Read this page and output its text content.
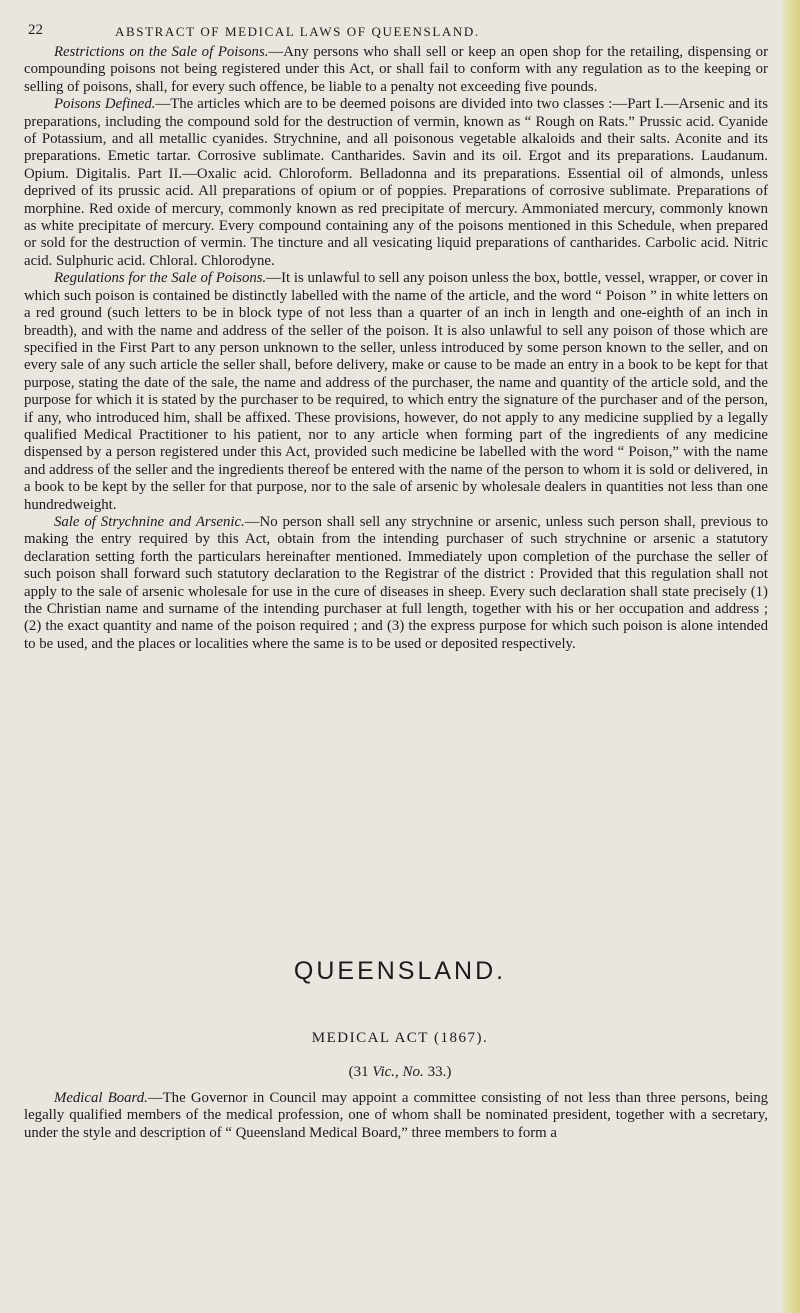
22	ABSTRACT OF MEDICAL LAWS OF QUEENSLAND.

Restrictions on the Sale of Poisons.—Any persons who shall sell or keep an open shop for the retailing, dispensing or compounding poisons not being registered under this Act, or shall fail to conform with any regulation as to the keeping or selling of poisons, shall, for every such offence, be liable to a penalty not exceeding five pounds.

Poisons Defined.—The articles which are to be deemed poisons are divided into two classes :—Part I.—Arsenic and its preparations, including the compound sold for the destruction of vermin, known as “ Rough on Rats.” Prussic acid. Cyanide of Potassium, and all metallic cyanides. Strychnine, and all poisonous vegetable alkaloids and their salts. Aconite and its preparations. Emetic tartar. Corrosive sublimate. Cantharides. Savin and its oil. Ergot and its preparations. Laudanum. Opium. Digitalis. Part II.—Oxalic acid. Chloroform. Belladonna and its preparations. Essential oil of almonds, unless deprived of its prussic acid. All preparations of opium or of poppies. Preparations of corrosive sublimate. Preparations of morphine. Red oxide of mercury, commonly known as red precipitate of mercury. Ammoniated mercury, commonly known as white precipitate of mercury. Every compound containing any of the poisons mentioned in this Schedule, when prepared or sold for the destruction of vermin. The tincture and all vesicating liquid preparations of cantharides. Carbolic acid. Nitric acid. Sulphuric acid. Chloral. Chlorodyne.

Regulations for the Sale of Poisons.—It is unlawful to sell any poison unless the box, bottle, vessel, wrapper, or cover in which such poison is contained be distinctly labelled with the name of the article, and the word “ Poison ” in white letters on a red ground (such letters to be in block type of not less than a quarter of an inch in length and one-eighth of an inch in breadth), and with the name and address of the seller of the poison. It is also unlawful to sell any poison of those which are specified in the First Part to any person unknown to the seller, unless introduced by some person known to the seller, and on every sale of any such article the seller shall, before delivery, make or cause to be made an entry in a book to be kept for that purpose, stating the date of the sale, the name and address of the purchaser, the name and quantity of the article sold, and the purpose for which it is stated by the purchaser to be required, to which entry the signature of the purchaser and of the person, if any, who introduced him, shall be affixed. These provisions, however, do not apply to any medicine supplied by a legally qualified Medical Practitioner to his patient, nor to any article when forming part of the ingredients of any medicine dispensed by a person registered under this Act, provided such medicine be labelled with the word “ Poison,” with the name and address of the seller and the ingredients thereof be entered with the name of the person to whom it is sold or delivered, in a book to be kept by the seller for that purpose, nor to the sale of arsenic by wholesale dealers in quantities not less than one hundredweight.

Sale of Strychnine and Arsenic.—No person shall sell any strychnine or arsenic, unless such person shall, previous to making the entry required by this Act, obtain from the intending purchaser of such strychnine or arsenic a statutory declaration setting forth the particulars hereinafter mentioned. Immediately upon completion of the purchase the seller of such poison shall forward such statutory declaration to the Registrar of the district : Provided that this regulation shall not apply to the sale of arsenic wholesale for use in the cure of diseases in sheep. Every such declaration shall state precisely (1) the Christian name and surname of the intending purchaser at full length, together with his or her occupation and address ; (2) the exact quantity and name of the poison required ; and (3) the express purpose for which such poison is alone intended to be used, and the places or localities where the same is to be used or deposited respectively.

QUEENSLAND.
MEDICAL ACT (1867).
(31 Vic., No. 33.)

Medical Board.—The Governor in Council may appoint a committee consisting of not less than three persons, being legally qualified members of the medical profession, one of whom shall be nominated president, together with a secretary, under the style and description of “ Queensland Medical Board,” three members to form a
